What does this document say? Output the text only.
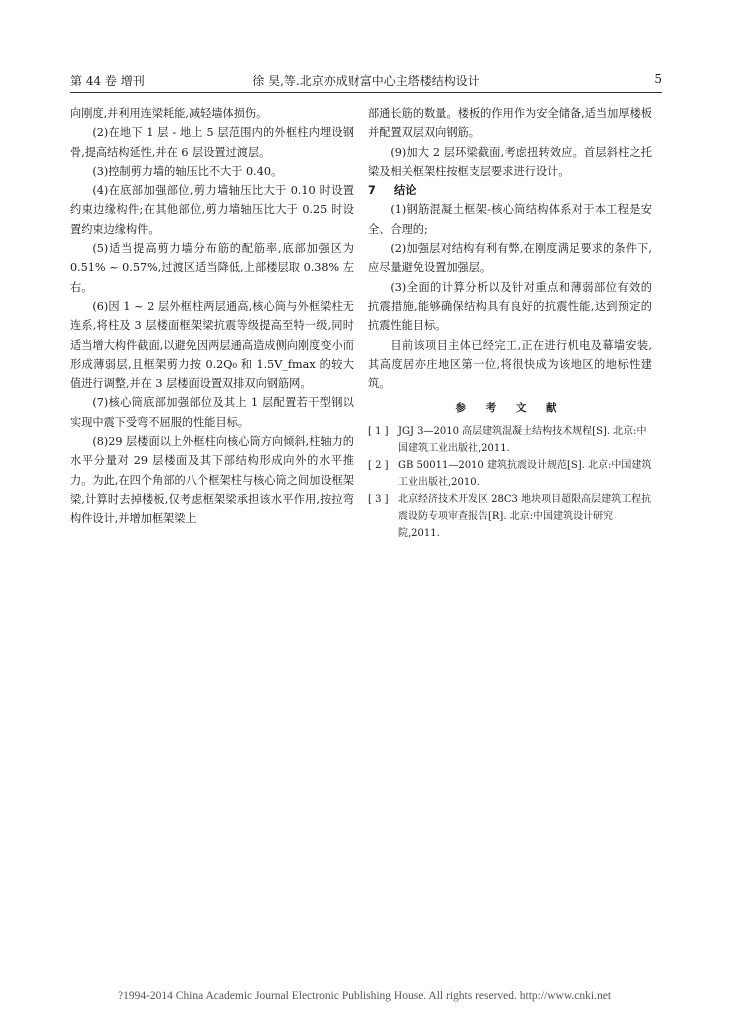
第 44 卷 增刊	徐 昊,等.北京亦成财富中心主塔楼结构设计	5

向刚度,并利用连梁耗能,减轻墙体损伤。

(2)在地下 1 层 - 地上 5 层范围内的外框柱内埋设钢骨,提高结构延性,并在 6 层设置过渡层。

(3)控制剪力墙的轴压比不大于 0.40。

(4)在底部加强部位,剪力墙轴压比大于 0.10 时设置约束边缘构件;在其他部位,剪力墙轴压比大于 0.25 时设置约束边缘构件。

(5)适当提高剪力墙分布筋的配筋率,底部加强区为 0.51% ~ 0.57%,过渡区适当降低,上部楼层取 0.38% 左右。

(6)因 1 ~ 2 层外框柱两层通高,核心筒与外框梁柱无连系,将柱及 3 层楼面框架梁抗震等级提高至特一级,同时适当增大构件截面,以避免因两层通高造成侧向刚度变小而形成薄弱层,且框架剪力按 0.2Q₀ 和 1.5V_fmax 的较大值进行调整,并在 3 层楼面设置双排双向钢筋网。

(7)核心筒底部加强部位及其上 1 层配置若干型钢以实现中震下受弯不屈服的性能目标。

(8)29 层楼面以上外框柱向核心筒方向倾斜,柱轴力的水平分量对 29 层楼面及其下部结构形成向外的水平推力。为此,在四个角部的八个框架柱与核心筒之间加设框架梁,计算时去掉楼板,仅考虑框架梁承担该水平作用,按拉弯构件设计,并增加框架梁上

部通长筋的数量。楼板的作用作为安全储备,适当加厚楼板并配置双层双向钢筋。

(9)加大 2 层环梁截面,考虑扭转效应。首层斜柱之托梁及相关框架柱按框支层要求进行设计。

7 结论

(1)钢筋混凝土框架-核心筒结构体系对于本工程是安全、合理的;

(2)加强层对结构有利有弊,在刚度满足要求的条件下,应尽量避免设置加强层。

(3)全面的计算分析以及针对重点和薄弱部位有效的抗震措施,能够确保结构具有良好的抗震性能,达到预定的抗震性能目标。

目前该项目主体已经完工,正在进行机电及幕墙安装,其高度居亦庄地区第一位,将很快成为该地区的地标性建筑。

参 考 文 献
[ 1 ] JGJ 3—2010 高层建筑混凝土结构技术规程[S]. 北京:中国建筑工业出版社,2011.
[ 2 ] GB 50011—2010 建筑抗震设计规范[S]. 北京:中国建筑工业出版社,2010.
[ 3 ] 北京经济技术开发区 28C3 地块项目超限高层建筑工程抗震设防专项审查报告[R]. 北京:中国建筑设计研究院,2011.
?1994-2014 China Academic Journal Electronic Publishing House. All rights reserved. http://www.cnki.net
